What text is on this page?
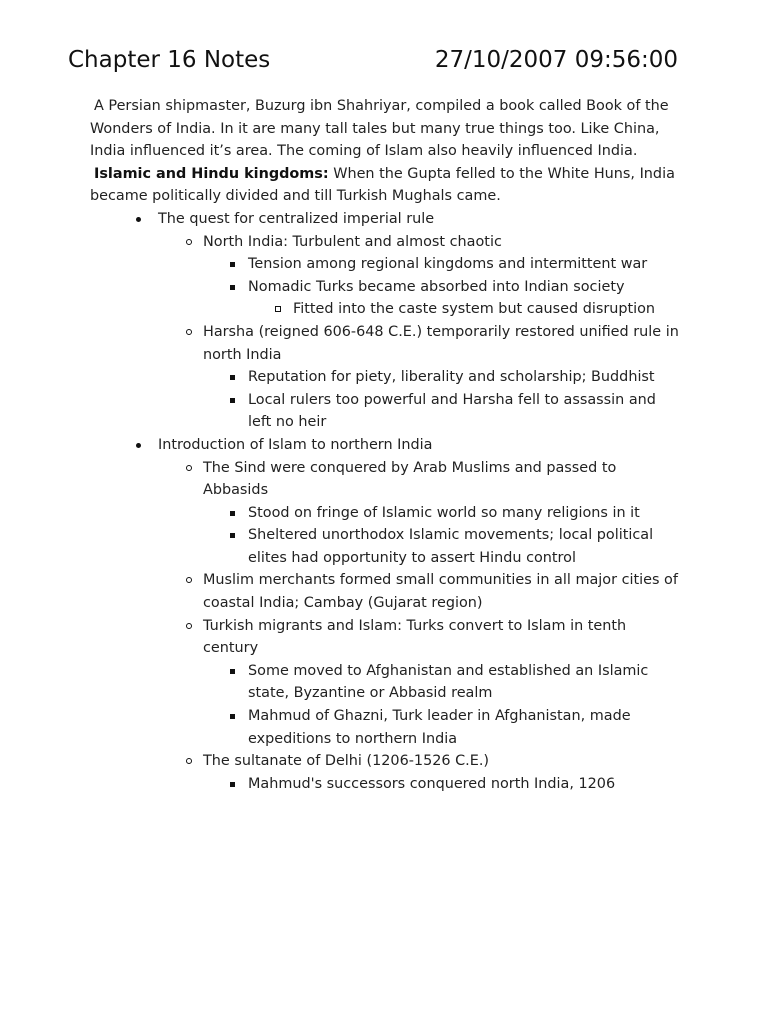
Chapter 16 Notes	27/10/2007 09:56:00

A Persian shipmaster, Buzurg ibn Shahriyar, compiled a book called Book of the Wonders of India. In it are many tall tales but many true things too. Like China, India influenced it’s area. The coming of Islam also heavily influenced India.

Islamic and Hindu kingdoms: When the Gupta felled to the White Huns, India became politically divided and till Turkish Mughals came.

The quest for centralized imperial rule
North India: Turbulent and almost chaotic
Tension among regional kingdoms and intermittent war
Nomadic Turks became absorbed into Indian society
Fitted into the caste system but caused disruption
Harsha (reigned 606-648 C.E.) temporarily restored unified rule in north India
Reputation for piety, liberality and scholarship; Buddhist
Local rulers too powerful and Harsha fell to assassin and left no heir
Introduction of Islam to northern India
The Sind were conquered by Arab Muslims and passed to Abbasids
Stood on fringe of Islamic world so many religions in it
Sheltered unorthodox Islamic movements; local political elites had opportunity to assert Hindu control
Muslim merchants formed small communities in all major cities of coastal India; Cambay (Gujarat region)
Turkish migrants and Islam: Turks convert to Islam in tenth century
Some moved to Afghanistan and established an Islamic state, Byzantine or Abbasid realm
Mahmud of Ghazni, Turk leader in Afghanistan, made expeditions to northern India
The sultanate of Delhi (1206-1526 C.E.)
Mahmud's successors conquered north India, 1206
